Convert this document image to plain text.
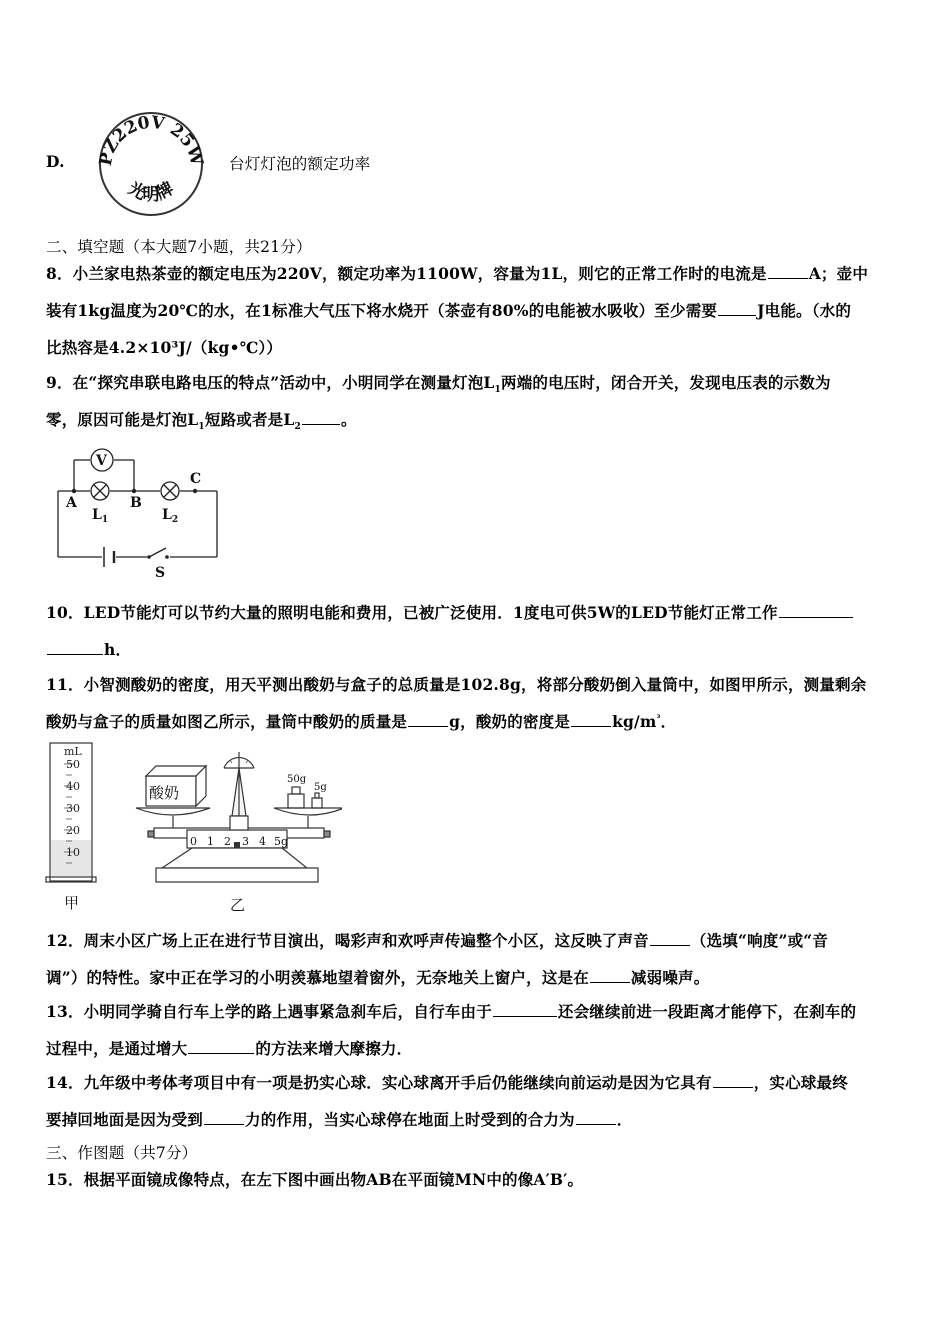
D. PZ220V 25W
光明牌
台灯灯泡的额定功率
二、填空题（本大题7小题，共21分）
8．小兰家电热茶壶的额定电压为220V，额定功率为1100W，容量为1L，则它的正常工作时的电流是	A；壶中
装有1kg温度为20℃的水，在1标准大气压下将水烧开（茶壶有80%的电能被水吸收）至少需要	J电能。（水的
比热容是4.2×10³J/（kg•℃））
9．在“探究串联电路电压的特点”活动中，小明同学在测量灯泡$L_1$两端的电压时，闭合开关，发现电压表的示数为
零，原因可能是灯泡$L_1$短路或者是$L_2$	。
V
A	B
C
$L_1$	$L_2$
S
10．LED节能灯可以节约大量的照明电能和费用，已被广泛使用．1度电可供5W的LED节能灯正常工作
h．
11．小智测酸奶的密度，用天平测出酸奶与盒子的总质量是102.8g，将部分酸奶倒入量筒中，如图甲所示，测量剩余
酸奶与盒子的质量如图乙所示，量筒中酸奶的质量是	g，酸奶的密度是	$kg/m^{^3}$．
mL
50
40
30
20
10
甲
酸奶
50g
5g
0 1 2 3 4 5g
乙
12．周末小区广场上正在进行节目演出，喝彩声和欢呼声传遍整个小区，这反映了声音	（选填“响度”或“音
调”）的特性。家中正在学习的小明羡慕地望着窗外，无奈地关上窗户，这是在	减弱噪声。
13．小明同学骑自行车上学的路上遇事紧急刹车后，自行车由于	还会继续前进一段距离才能停下，在刹车的
过程中，是通过增大	的方法来增大摩擦力．
14．九年级中考体考项目中有一项是扔实心球．实心球离开手后仍能继续向前运动是因为它具有	，实心球最终
要掉回地面是因为受到	力的作用，当实心球停在地面上时受到的合力为	．
三、作图题（共7分）
15．根据平面镜成像特点，在左下图中画出物AB在平面镜MN中的像A′B′。
